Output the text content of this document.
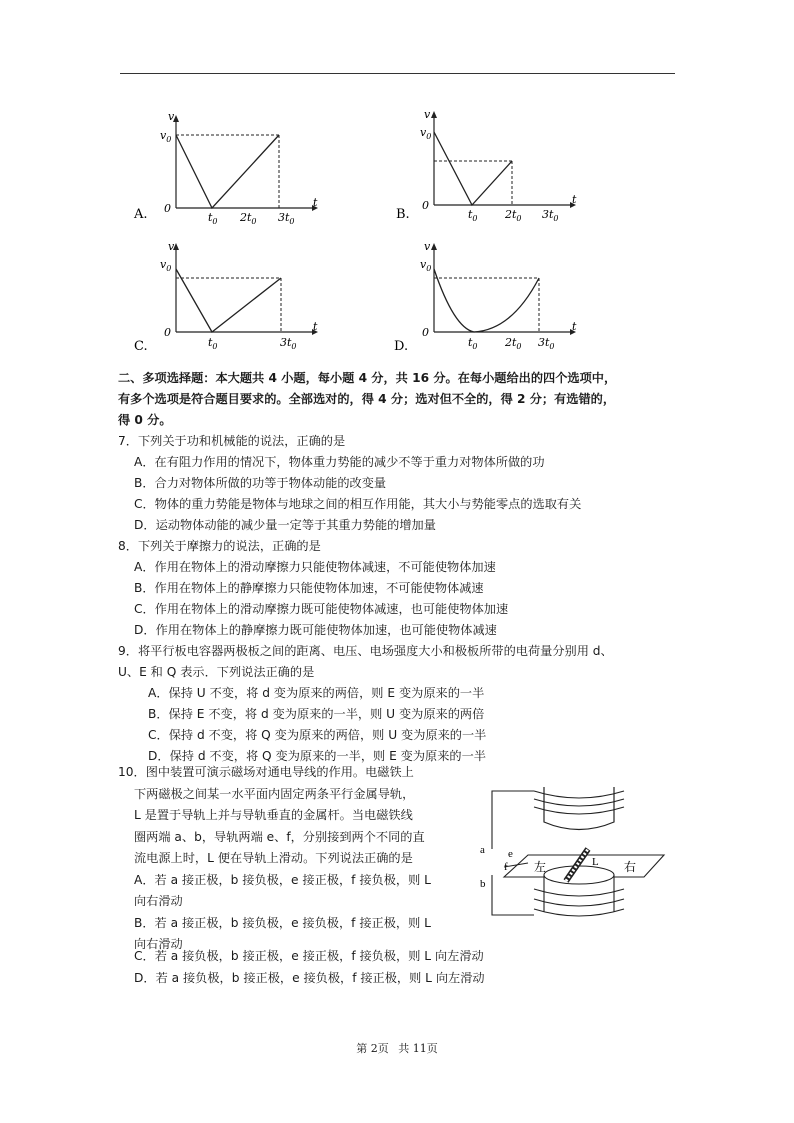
v
$v_0$
0	t
$t_0$ $2t_0$ $3t_0$
A.
v
$v_0$
0	t
$t_0$ $2t_0$ $3t_0$
B.
v
$v_0$
0	t
$t_0$	$3t_0$
C.
v
$v_0$
0	t
$t_0$ $2t_0$ $3t_0$
D.
二、多项选择题：本大题共 4 小题，每小题 4 分，共 16 分。在每小题给出的四个选项中，
有多个选项是符合题目要求的。全部选对的，得 4 分；选对但不全的，得 2 分；有选错的，
得 0 分。
7．下列关于功和机械能的说法，正确的是
A．在有阻力作用的情况下，物体重力势能的减少不等于重力对物体所做的功
B．合力对物体所做的功等于物体动能的改变量
C．物体的重力势能是物体与地球之间的相互作用能，其大小与势能零点的选取有关
D．运动物体动能的减少量一定等于其重力势能的增加量
8．下列关于摩擦力的说法，正确的是
A．作用在物体上的滑动摩擦力只能使物体减速，不可能使物体加速
B．作用在物体上的静摩擦力只能使物体加速，不可能使物体减速
C．作用在物体上的滑动摩擦力既可能使物体减速，也可能使物体加速
D．作用在物体上的静摩擦力既可能使物体加速，也可能使物体减速
9．将平行板电容器两极板之间的距离、电压、电场强度大小和极板所带的电荷量分别用 d、
U、E 和 Q 表示．下列说法正确的是
A．保持 U 不变，将 d 变为原来的两倍，则 E 变为原来的一半
B．保持 E 不变，将 d 变为原来的一半，则 U 变为原来的两倍
C．保持 d 不变，将 Q 变为原来的两倍，则 U 变为原来的一半
D．保持 d 不变，将 Q 变为原来的一半，则 E 变为原来的一半
10．图中装置可演示磁场对通电导线的作用。电磁铁上
下两磁极之间某一水平面内固定两条平行金属导轨，
L 是置于导轨上并与导轨垂直的金属杆。当电磁铁线
圈两端 a、b，导轨两端 e、f，分别接到两个不同的直
流电源上时，L 便在导轨上滑动。下列说法正确的是
A．若 a 接正极，b 接负极，e 接正极，f 接负极，则 L
向右滑动
B．若 a 接正极，b 接负极，e 接负极，f 接正极，则 L
向右滑动
C．若 a 接负极，b 接正极，e 接正极，f 接负极，则 L 向左滑动
D．若 a 接负极，b 接正极，e 接负极，f 接正极，则 L 向左滑动
a
b
e
f 左	L 右
第 2页 共 11页
